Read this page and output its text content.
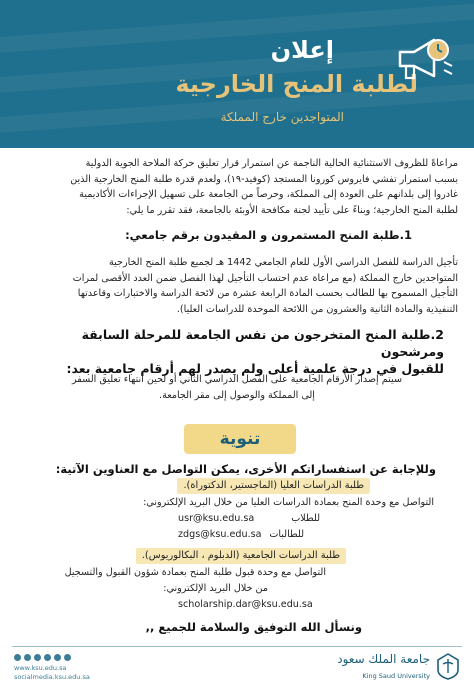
إعلان
لطلبة المنح الخارجية
المتواجدين خارج المملكة
مراعاةً للظروف الاستثنائية الحالية الناجمة عن استمرار قرار تعليق حركة الملاحة الجوية الدولية
بسبب استمرار تفشي فايروس كورونا المستجد (كوفيد-١٩)، ولعدم قدرة طلبة المنح الخارجية الذين
غادروا إلى بلدانهم على العودة إلى المملكة، وحرصاً من الجامعة على تسهيل الإجراءات الأكاديمية
لطلبة المنح الخارجية؛ وبناءً على تأييد لجنة مكافحة الأوبئة بالجامعة، فقد تقرر ما يلي:
1.طلبة المنح المستمرون و المقيدون برقم جامعي:
تأجيل الدراسة للفصل الدراسي الأول للعام الجامعي 1442 هـ لجميع طلبة المنح الخارجية
المتواجدين خارج المملكة (مع مراعاة عدم احتساب التأجيل لهذا الفصل ضمن العدد الأقصى لمرات
التأجيل المسموح بها للطالب بحسب المادة الرابعة عشرة من لائحة الدراسة والاختبارات وقاعدتها
التنفيذية والمادة الثانية والعشرون من اللائحة الموحدة للدراسات العليا).
2.طلبة المنح المتخرجون من نفس الجامعة للمرحلة السابقة ومرشحون
للقبول في درجة علمية أعلى ولم يصدر لهم أرقام جامعية بعد:
سيتم إصدار الأرقام الجامعية على الفصل الدراسي الثاني أو لحين انتهاء تعليق السفر
إلى المملكة والوصول إلى مقر الجامعة.
تنوية
وللإجابة عن استفساراتكم الأخرى، يمكن التواصل مع العناوين الآتية:
طلبة الدراسات العليا (الماجستير، الدكتوراة).
التواصل مع وحدة المنح بعمادة الدراسات العليا من خلال البريد الإلكتروني:
للطلاب
usr@ksu.edu.sa
للطالبات
zdgs@ksu.edu.sa
طلبة الدراسات الجامعية (الدبلوم ، البكالوريوس).
التواصل مع وحدة قبول طلبة المنح بعمادة شؤون القبول والتسجيل
من خلال البريد الإلكتروني:
scholarship.dar@ksu.edu.sa
ونسأل الله التوفيق والسلامة للجميع ,,
www.ksu.edu.sa
socialmedia.ksu.edu.sa
جامعة الملك سعود
King Saud University
